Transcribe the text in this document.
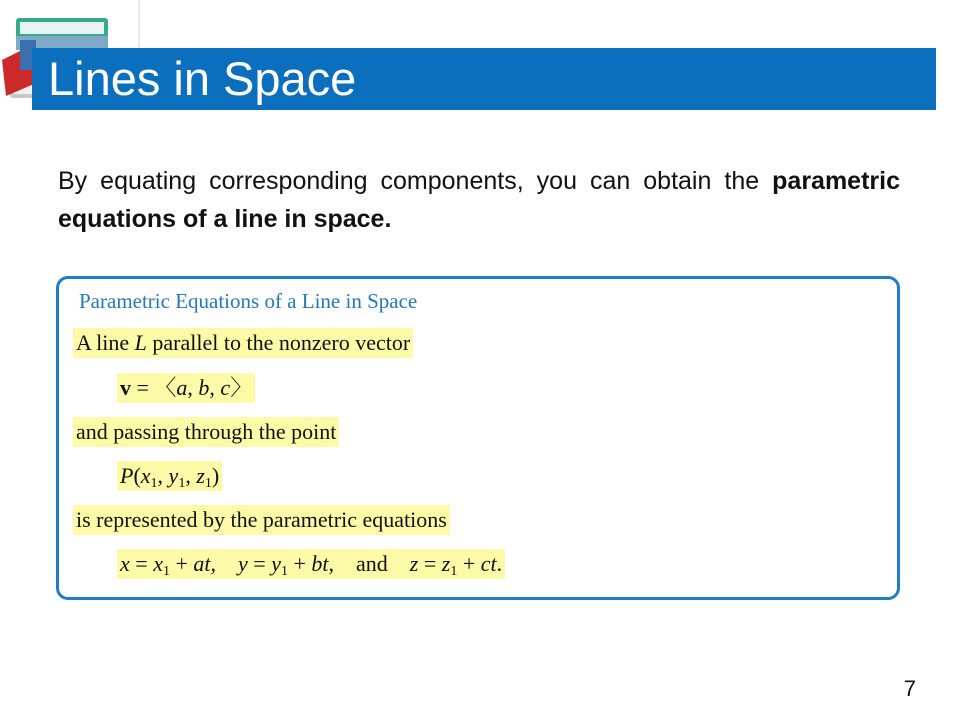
Lines in Space

By equating corresponding components, you can obtain the parametric equations of a line in space.

Parametric Equations of a Line in Space

A line L parallel to the nonzero vector
v = 〈a, b, c〉
and passing through the point
$P(x_1$, $y_1$, $z_1$)
is represented by the parametric equations
$x = x_1$ + at,    $y = y_1$ + bt,    and $z = z_1$ + ct.
7
